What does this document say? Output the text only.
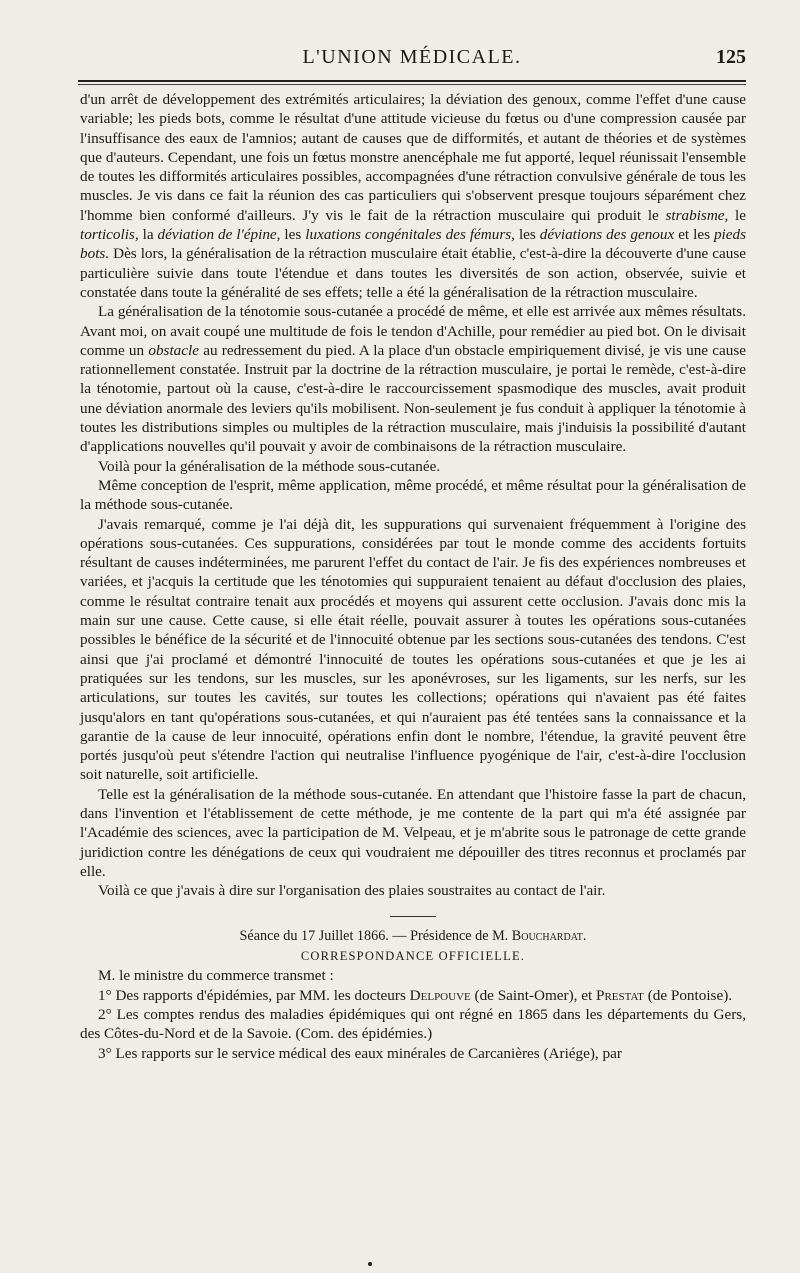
L'UNION MÉDICALE.	125

d'un arrêt de développement des extrémités articulaires; la déviation des genoux, comme l'effet d'une cause variable; les pieds bots, comme le résultat d'une attitude vicieuse du fœtus ou d'une compression causée par l'insuffisance des eaux de l'amnios; autant de causes que de difformités, et autant de théories et de systèmes que d'auteurs. Cependant, une fois un fœtus monstre anencéphale me fut apporté, lequel réunissait l'ensemble de toutes les difformités articulaires possibles, accompagnées d'une rétraction convulsive générale de tous les muscles. Je vis dans ce fait la réunion des cas particuliers qui s'observent presque toujours séparément chez l'homme bien conformé d'ailleurs. J'y vis le fait de la rétraction musculaire qui produit le strabisme, le torticolis, la déviation de l'épine, les luxations congénitales des fémurs, les déviations des genoux et les pieds bots. Dès lors, la généralisation de la rétraction musculaire était établie, c'est-à-dire la découverte d'une cause particulière suivie dans toute l'étendue et dans toutes les diversités de son action, observée, suivie et constatée dans toute la généralité de ses effets; telle a été la généralisation de la rétraction musculaire.

La généralisation de la ténotomie sous-cutanée a procédé de même, et elle est arrivée aux mêmes résultats. Avant moi, on avait coupé une multitude de fois le tendon d'Achille, pour remédier au pied bot. On le divisait comme un obstacle au redressement du pied. A la place d'un obstacle empiriquement divisé, je vis une cause rationnellement constatée. Instruit par la doctrine de la rétraction musculaire, je portai le remède, c'est-à-dire la ténotomie, partout où la cause, c'est-à-dire le raccourcissement spasmodique des muscles, avait produit une déviation anormale des leviers qu'ils mobilisent. Non-seulement je fus conduit à appliquer la ténotomie à toutes les distributions simples ou multiples de la rétraction musculaire, mais j'induisis la possibilité d'autant d'applications nouvelles qu'il pouvait y avoir de combinaisons de la rétraction musculaire.

Voilà pour la généralisation de la méthode sous-cutanée.

Même conception de l'esprit, même application, même procédé, et même résultat pour la généralisation de la méthode sous-cutanée.

J'avais remarqué, comme je l'ai déjà dit, les suppurations qui survenaient fréquemment à l'origine des opérations sous-cutanées. Ces suppurations, considérées par tout le monde comme des accidents fortuits résultant de causes indéterminées, me parurent l'effet du contact de l'air. Je fis des expériences nombreuses et variées, et j'acquis la certitude que les ténotomies qui suppuraient tenaient au défaut d'occlusion des plaies, comme le résultat contraire tenait aux procédés et moyens qui assurent cette occlusion. J'avais donc mis la main sur une cause. Cette cause, si elle était réelle, pouvait assurer à toutes les opérations sous-cutanées possibles le bénéfice de la sécurité et de l'innocuité obtenue par les sections sous-cutanées des tendons. C'est ainsi que j'ai proclamé et démontré l'innocuité de toutes les opérations sous-cutanées et que je les ai pratiquées sur les tendons, sur les muscles, sur les aponévroses, sur les ligaments, sur les nerfs, sur les articulations, sur toutes les cavités, sur toutes les collections; opérations qui n'avaient pas été faites jusqu'alors en tant qu'opérations sous-cutanées, et qui n'auraient pas été tentées sans la connaissance et la garantie de la cause de leur innocuité, opérations enfin dont le nombre, l'étendue, la gravité peuvent être portés jusqu'où peut s'étendre l'action qui neutralise l'influence pyogénique de l'air, c'est-à-dire l'occlusion soit naturelle, soit artificielle.

Telle est la généralisation de la méthode sous-cutanée. En attendant que l'histoire fasse la part de chacun, dans l'invention et l'établissement de cette méthode, je me contente de la part qui m'a été assignée par l'Académie des sciences, avec la participation de M. Velpeau, et je m'abrite sous le patronage de cette grande juridiction contre les dénégations de ceux qui voudraient me dépouiller des titres reconnus et proclamés par elle.

Voilà ce que j'avais à dire sur l'organisation des plaies soustraites au contact de l'air.

Séance du 17 Juillet 1866. — Présidence de M. Bouchardat.
CORRESPONDANCE OFFICIELLE.

M. le ministre du commerce transmet :

1° Des rapports d'épidémies, par MM. les docteurs Delpouve (de Saint-Omer), et Prestat (de Pontoise).

2° Les comptes rendus des maladies épidémiques qui ont régné en 1865 dans les départements du Gers, des Côtes-du-Nord et de la Savoie. (Com. des épidémies.)

3° Les rapports sur le service médical des eaux minérales de Carcanières (Ariége), par
